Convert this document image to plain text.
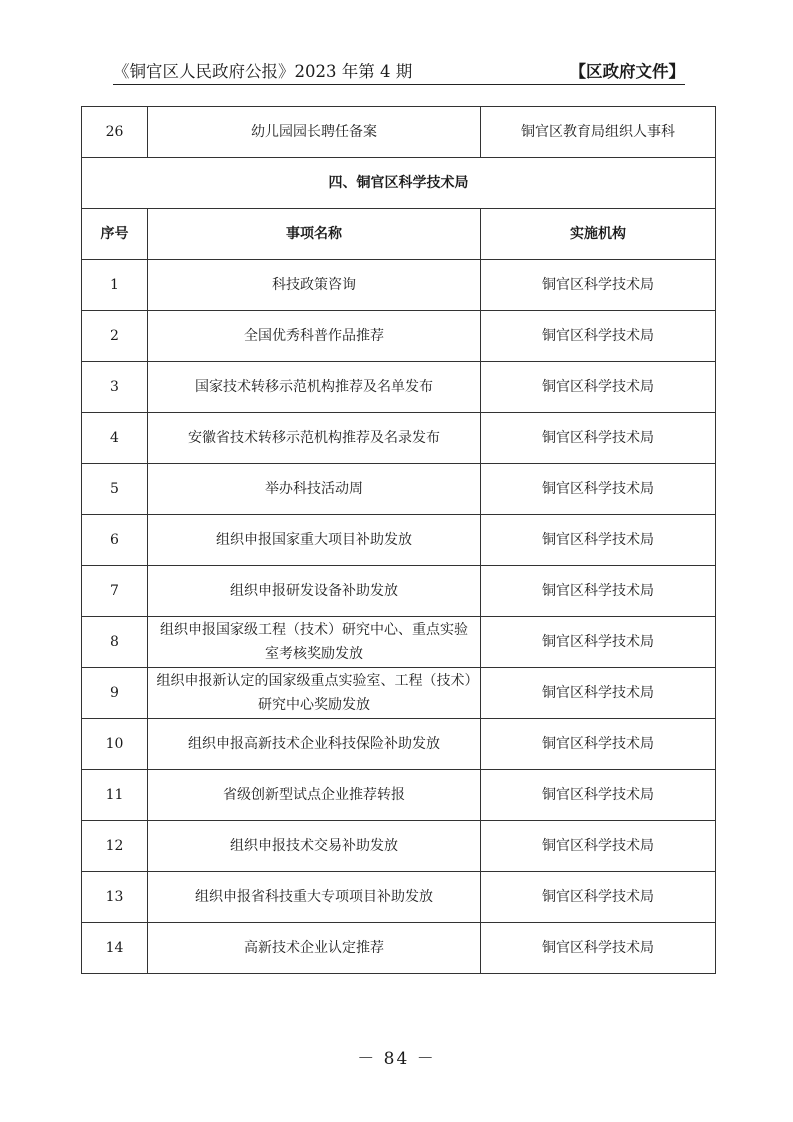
《铜官区人民政府公报》2023 年第 4 期	【区政府文件】
26	幼儿园园长聘任备案	铜官区教育局组织人事科
四、铜官区科学技术局		
序号	事项名称	实施机构
1	科技政策咨询	铜官区科学技术局
2	全国优秀科普作品推荐	铜官区科学技术局
3	国家技术转移示范机构推荐及名单发布	铜官区科学技术局
4	安徽省技术转移示范机构推荐及名录发布	铜官区科学技术局
5	举办科技活动周	铜官区科学技术局
6	组织申报国家重大项目补助发放	铜官区科学技术局
7	组织申报研发设备补助发放	铜官区科学技术局
8	组织申报国家级工程（技术）研究中心、重点实验室考核奖励发放	铜官区科学技术局
9	组织申报新认定的国家级重点实验室、工程（技术）研究中心奖励发放	铜官区科学技术局
10	组织申报高新技术企业科技保险补助发放	铜官区科学技术局
11	省级创新型试点企业推荐转报	铜官区科学技术局
12	组织申报技术交易补助发放	铜官区科学技术局
13	组织申报省科技重大专项项目补助发放	铜官区科学技术局
14	高新技术企业认定推荐	铜官区科学技术局
－ 84 －
